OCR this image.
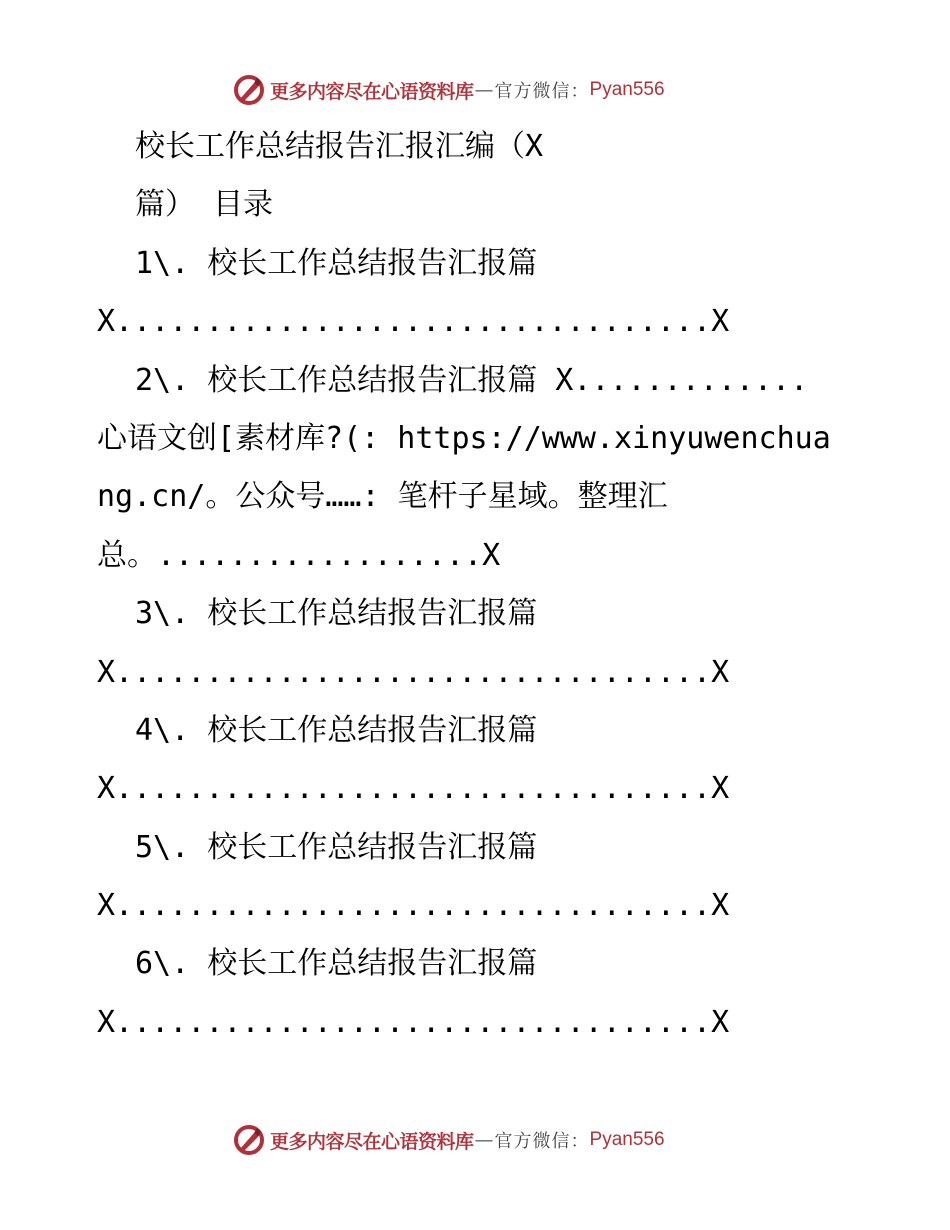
更多内容尽在心语资料库 — 官方微信： Pyan556
校长工作总结报告汇报汇编（X
篇） 目录
1\. 校长工作总结报告汇报篇
X.................................X
2\. 校长工作总结报告汇报篇 X.............
心语文创[素材库?(: https://www.xinyuwenchua
ng.cn/。公众号……: 笔杆子星域。整理汇
总。..................X
3\. 校长工作总结报告汇报篇
X.................................X
4\. 校长工作总结报告汇报篇
X.................................X
5\. 校长工作总结报告汇报篇
X.................................X
6\. 校长工作总结报告汇报篇
X.................................X
更多内容尽在心语资料库 — 官方微信： Pyan556
